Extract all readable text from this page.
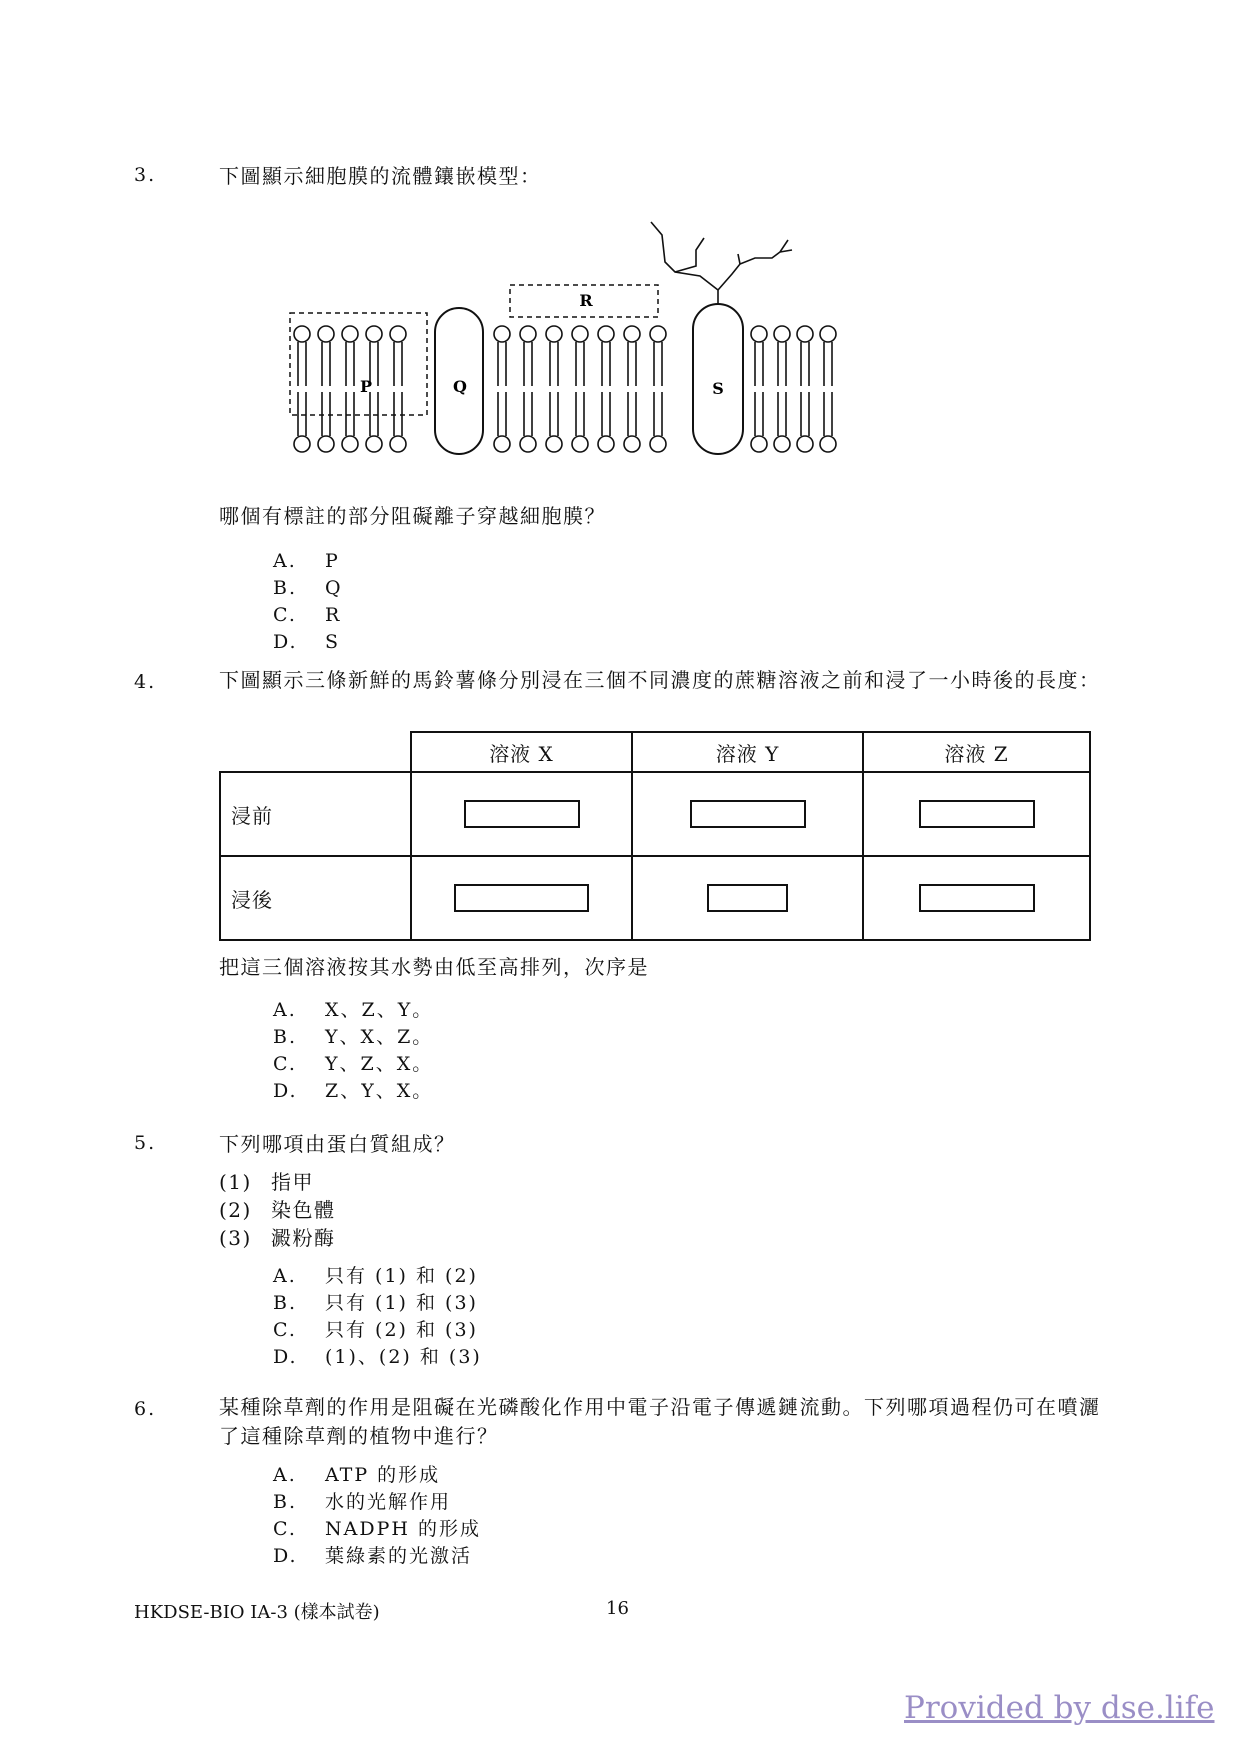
3.	下圖顯示細胞膜的流體鑲嵌模型：
P	Q
R
S
哪個有標註的部分阻礙離子穿越細胞膜？
A. P
B. Q
C. R
D. S
4.	下圖顯示三條新鮮的馬鈴薯條分別浸在三個不同濃度的蔗糖溶液之前和浸了一小時後的長度：
	溶液 X	溶液 Y	溶液 Z
浸前	

浸後	

把這三個溶液按其水勢由低至高排列，次序是
A. X、Z、Y。
B. Y、X、Z。
C. Y、Z、X。
D. Z、Y、X。
5.	下列哪項由蛋白質組成？
(1) 指甲
(2) 染色體
(3) 澱粉酶
A. 只有 (1) 和 (2)
B. 只有 (1) 和 (3)
C. 只有 (2) 和 (3)
D. (1)、(2) 和 (3)
6.	某種除草劑的作用是阻礙在光磷酸化作用中電子沿電子傳遞鏈流動。下列哪項過程仍可在噴灑了這種除草劑的植物中進行？
A. ATP 的形成
B. 水的光解作用
C. NADPH 的形成
D. 葉綠素的光激活
HKDSE-BIO IA-3 (樣本試卷)	16
Provided by dse.life
